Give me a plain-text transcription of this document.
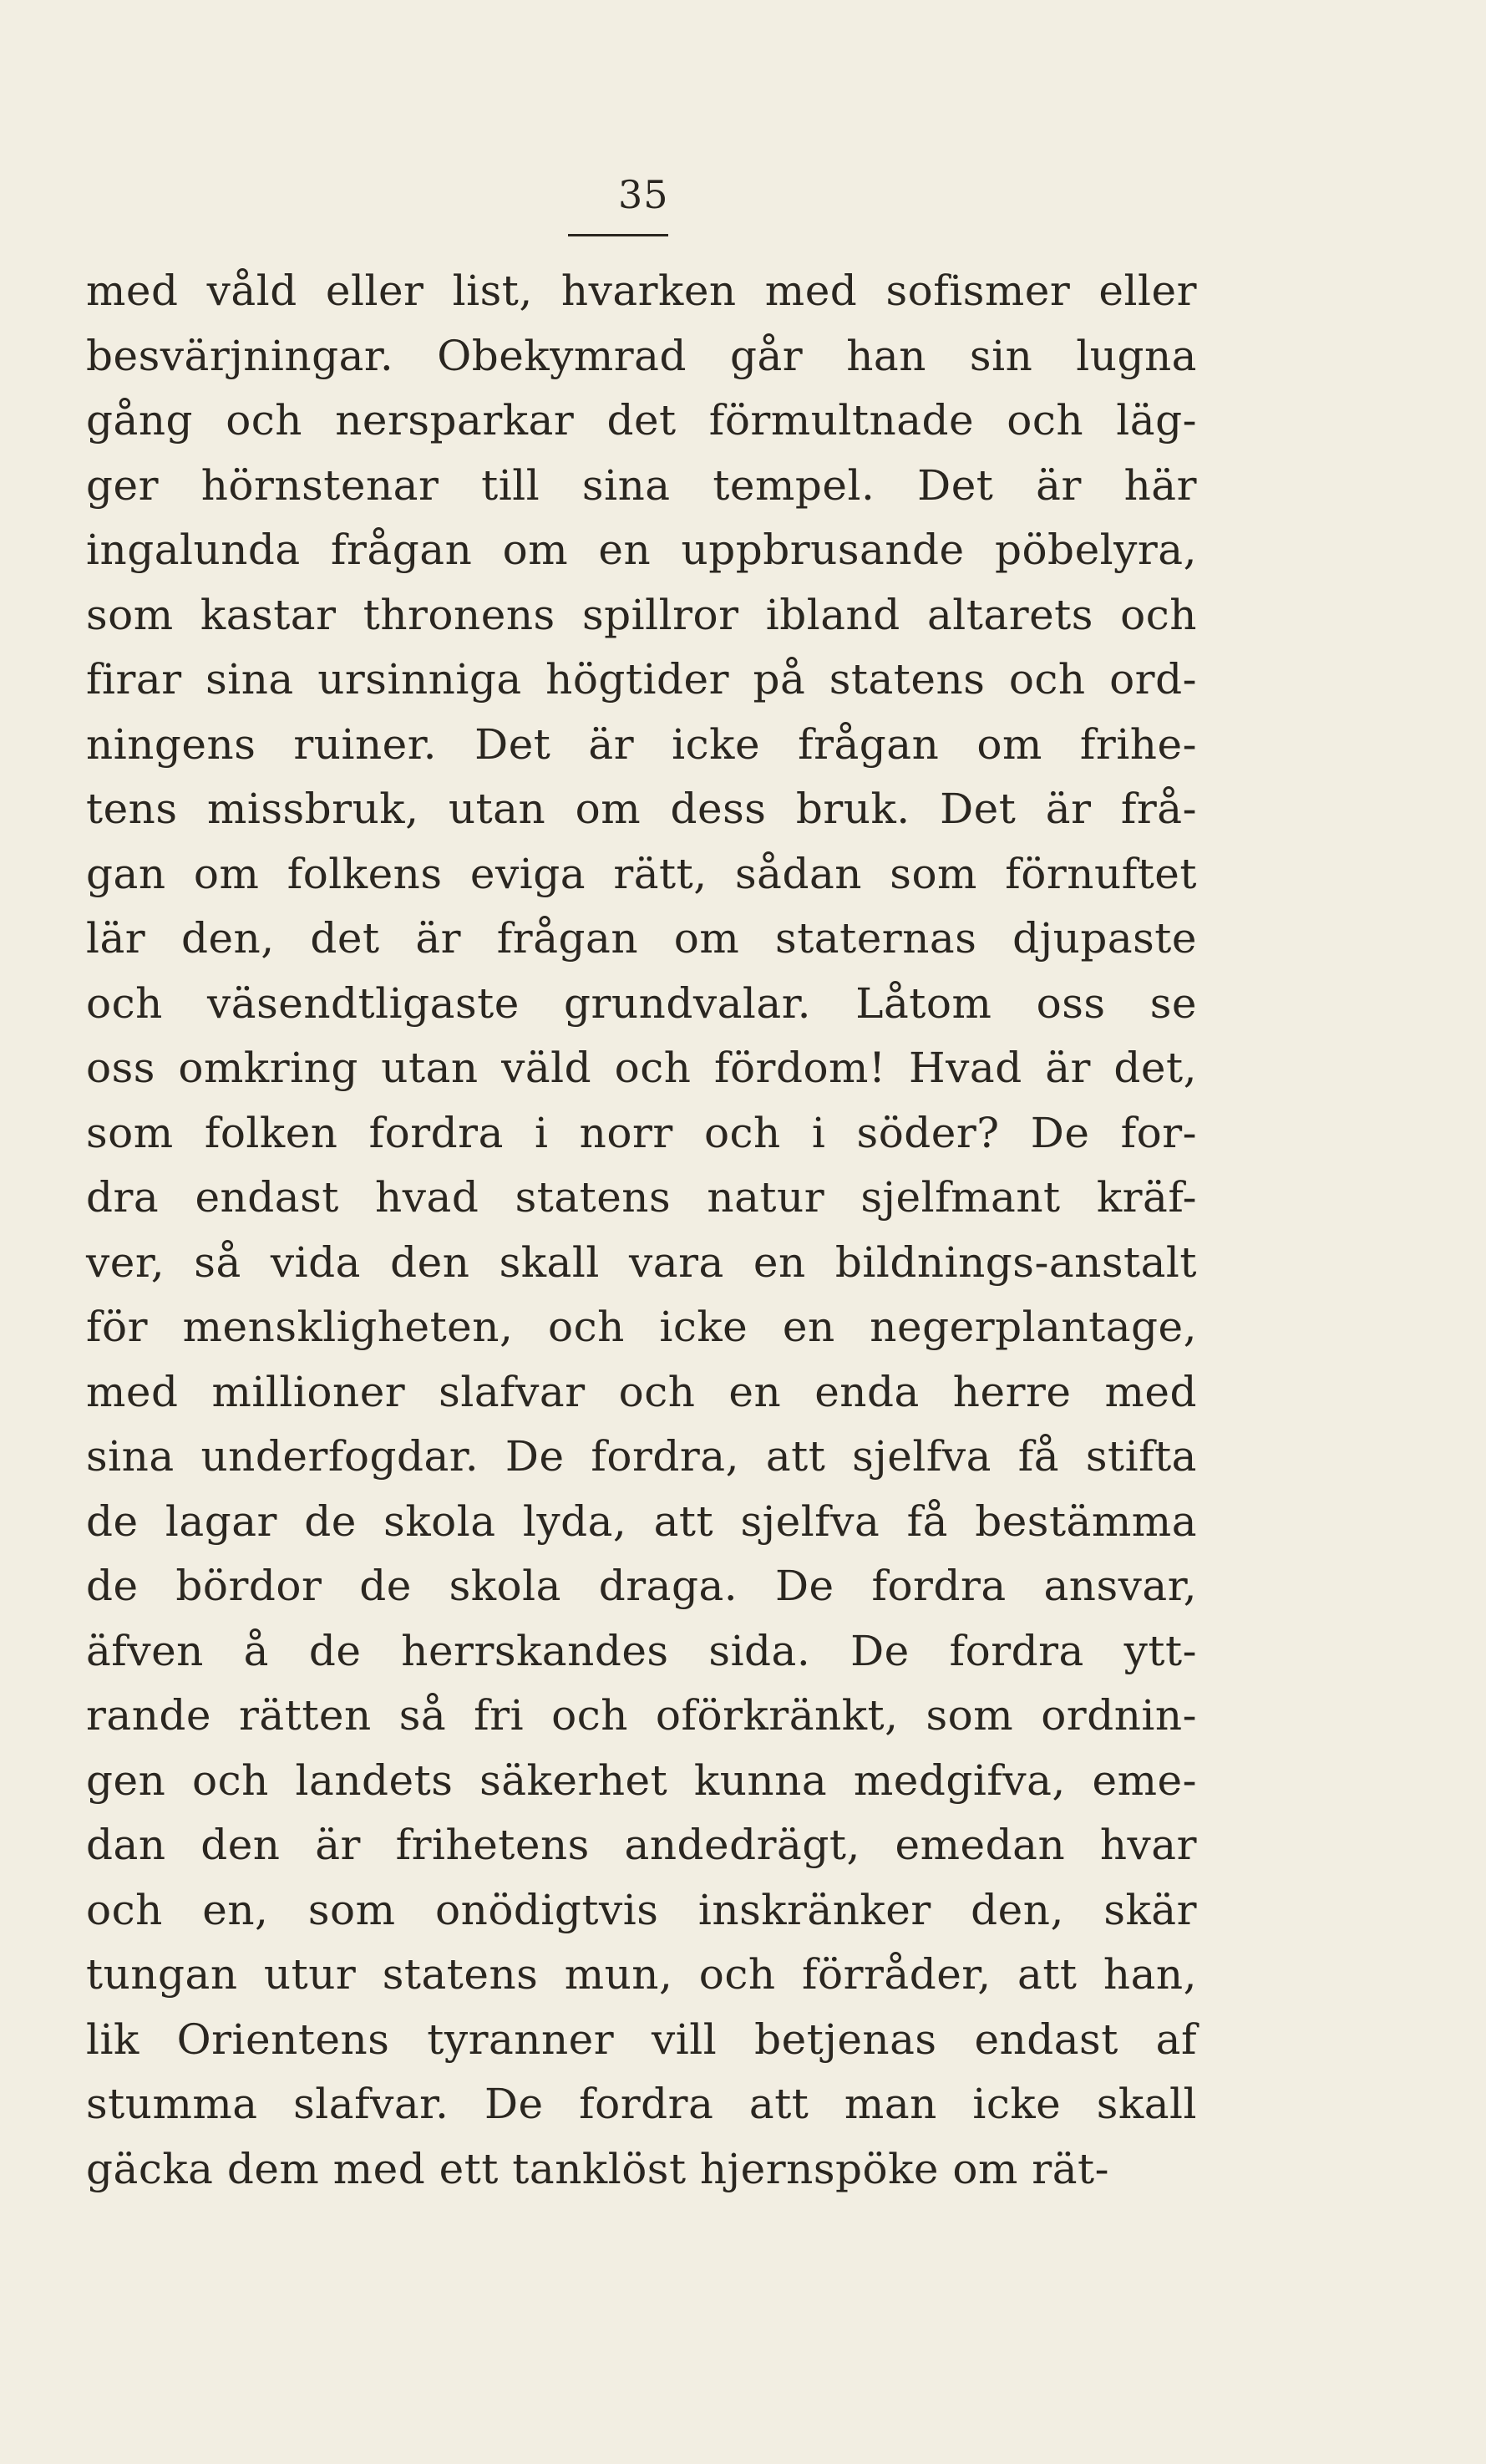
35
med våld eller list, hvarken med sofismer eller
besvärjningar. Obekymrad går han sin lugna
gång och nersparkar det förmultnade och läg-
ger hörnstenar till sina tempel. Det är här
ingalunda frågan om en uppbrusande pöbelyra,
som kastar thronens spillror ibland altarets och
firar sina ursinniga högtider på statens och ord-
ningens ruiner. Det är icke frågan om frihe-
tens missbruk, utan om dess bruk. Det är frå-
gan om folkens eviga rätt, sådan som förnuftet
lär den, det är frågan om staternas djupaste
och väsendtligaste grundvalar. Låtom oss se
oss omkring utan väld och fördom! Hvad är det,
som folken fordra i norr och i söder? De for-
dra endast hvad statens natur sjelfmant kräf-
ver, så vida den skall vara en bildnings-anstalt
för menskligheten, och icke en negerplantage,
med millioner slafvar och en enda herre med
sina underfogdar. De fordra, att sjelfva få stifta
de lagar de skola lyda, att sjelfva få bestämma
de bördor de skola draga. De fordra ansvar,
äfven å de herrskandes sida. De fordra ytt-
rande rätten så fri och oförkränkt, som ordnin-
gen och landets säkerhet kunna medgifva, eme-
dan den är frihetens andedrägt, emedan hvar
och en, som onödigtvis inskränker den, skär
tungan utur statens mun, och förråder, att han,
lik Orientens tyranner vill betjenas endast af
stumma slafvar. De fordra att man icke skall
gäcka dem med ett tanklöst hjernspöke om rät-
